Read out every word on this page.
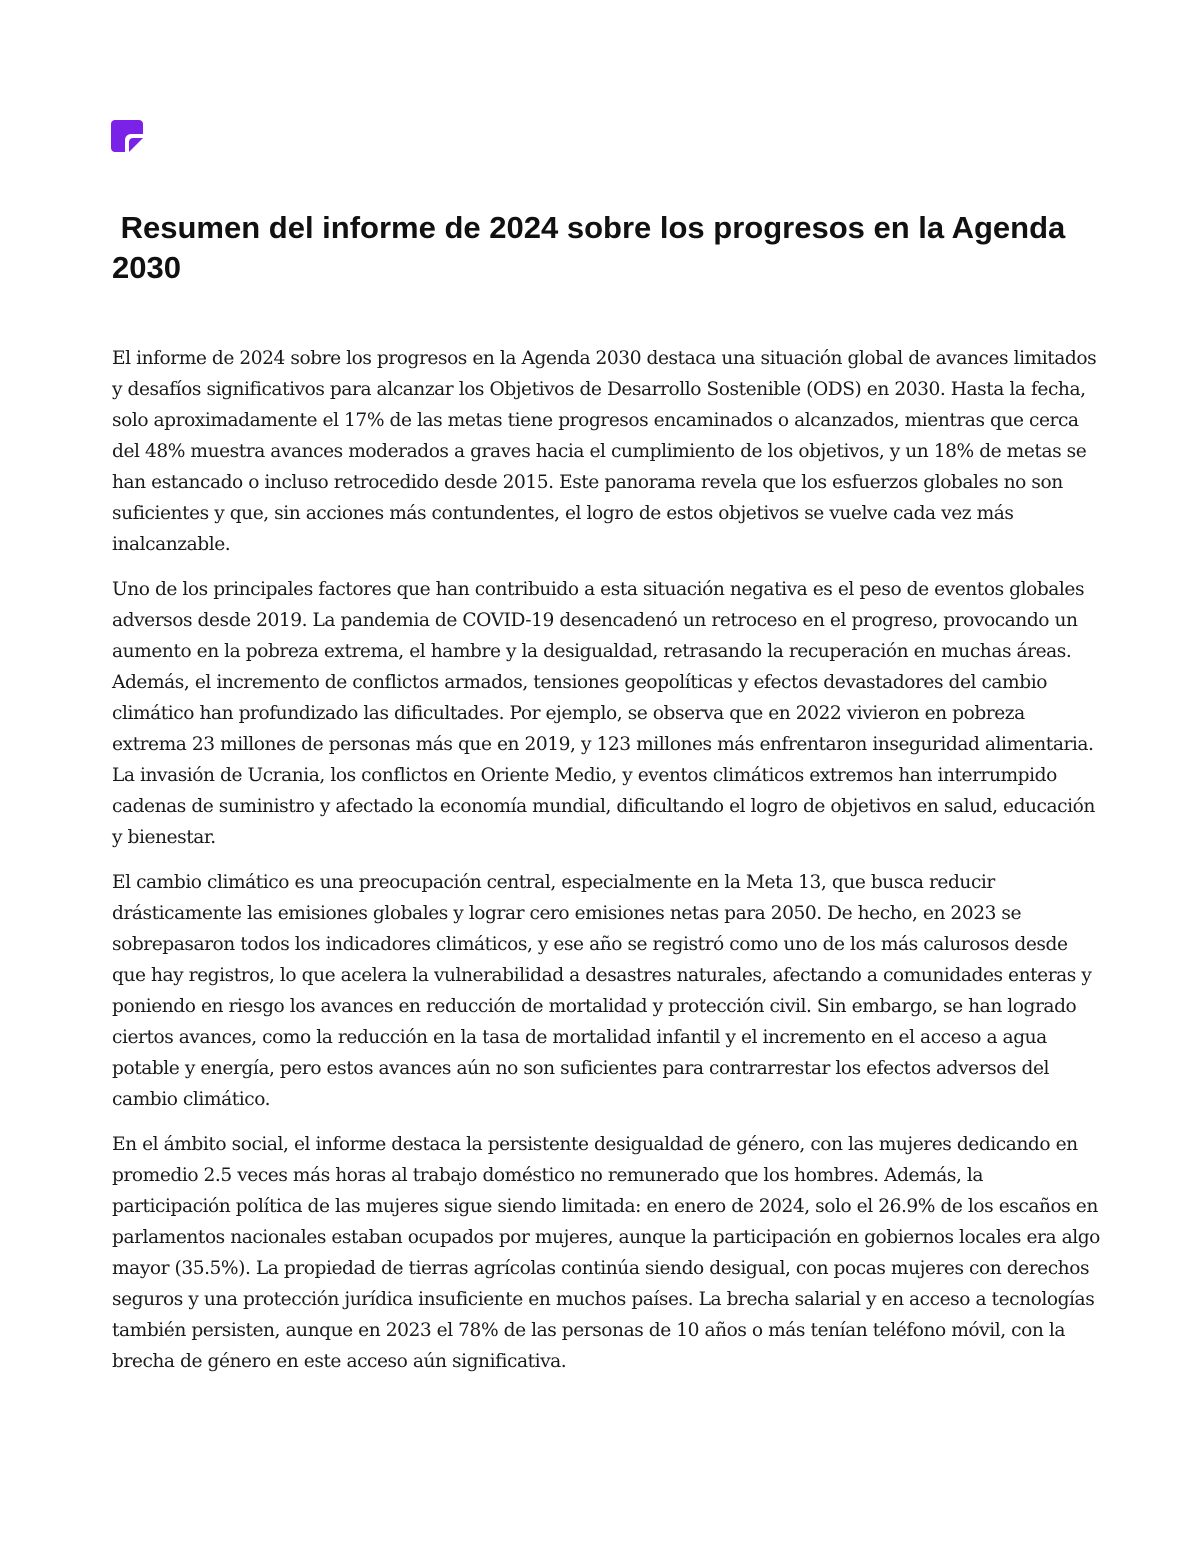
Resumen del informe de 2024 sobre los progresos en la Agenda 2030

El informe de 2024 sobre los progresos en la Agenda 2030 destaca una situación global de avances limitados y desafíos significativos para alcanzar los Objetivos de Desarrollo Sostenible (ODS) en 2030. Hasta la fecha, solo aproximadamente el 17% de las metas tiene progresos encaminados o alcanzados, mientras que cerca del 48% muestra avances moderados a graves hacia el cumplimiento de los objetivos, y un 18% de metas se han estancado o incluso retrocedido desde 2015. Este panorama revela que los esfuerzos globales no son suficientes y que, sin acciones más contundentes, el logro de estos objetivos se vuelve cada vez más inalcanzable.

Uno de los principales factores que han contribuido a esta situación negativa es el peso de eventos globales adversos desde 2019. La pandemia de COVID-19 desencadenó un retroceso en el progreso, provocando un aumento en la pobreza extrema, el hambre y la desigualdad, retrasando la recuperación en muchas áreas. Además, el incremento de conflictos armados, tensiones geopolíticas y efectos devastadores del cambio climático han profundizado las dificultades. Por ejemplo, se observa que en 2022 vivieron en pobreza extrema 23 millones de personas más que en 2019, y 123 millones más enfrentaron inseguridad alimentaria. La invasión de Ucrania, los conflictos en Oriente Medio, y eventos climáticos extremos han interrumpido cadenas de suministro y afectado la economía mundial, dificultando el logro de objetivos en salud, educación y bienestar.

El cambio climático es una preocupación central, especialmente en la Meta 13, que busca reducir drásticamente las emisiones globales y lograr cero emisiones netas para 2050. De hecho, en 2023 se sobrepasaron todos los indicadores climáticos, y ese año se registró como uno de los más calurosos desde que hay registros, lo que acelera la vulnerabilidad a desastres naturales, afectando a comunidades enteras y poniendo en riesgo los avances en reducción de mortalidad y protección civil. Sin embargo, se han logrado ciertos avances, como la reducción en la tasa de mortalidad infantil y el incremento en el acceso a agua potable y energía, pero estos avances aún no son suficientes para contrarrestar los efectos adversos del cambio climático.

En el ámbito social, el informe destaca la persistente desigualdad de género, con las mujeres dedicando en promedio 2.5 veces más horas al trabajo doméstico no remunerado que los hombres. Además, la participación política de las mujeres sigue siendo limitada: en enero de 2024, solo el 26.9% de los escaños en parlamentos nacionales estaban ocupados por mujeres, aunque la participación en gobiernos locales era algo mayor (35.5%). La propiedad de tierras agrícolas continúa siendo desigual, con pocas mujeres con derechos seguros y una protección jurídica insuficiente en muchos países. La brecha salarial y en acceso a tecnologías también persisten, aunque en 2023 el 78% de las personas de 10 años o más tenían teléfono móvil, con la brecha de género en este acceso aún significativa.
